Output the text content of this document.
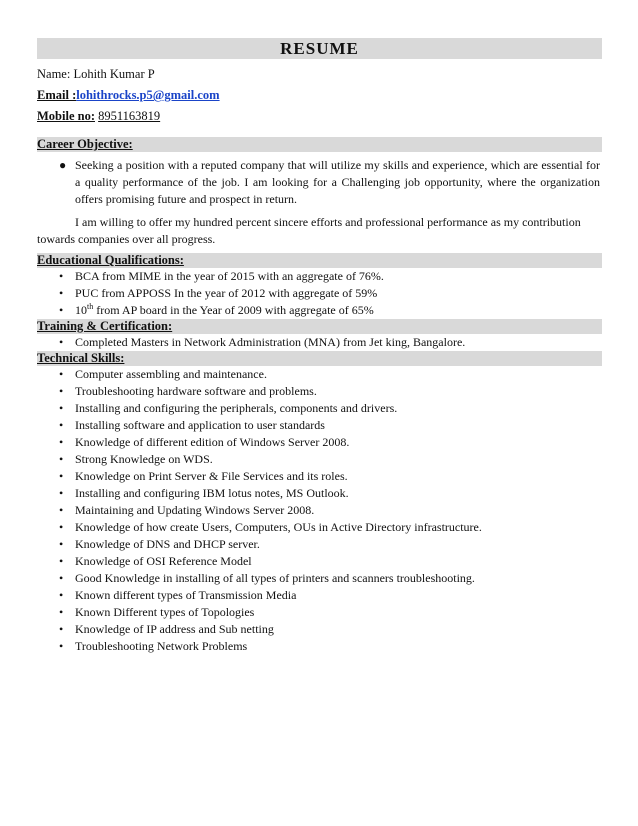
RESUME
Name: Lohith Kumar P
Email :lohithrocks.p5@gmail.com
Mobile no: 8951163819
Career Objective:
● Seeking a position with a reputed company that will utilize my skills and experience, which are essential for a quality performance of the job. I am looking for a Challenging job opportunity, where the organization offers promising future and prospect in return.
I am willing to offer my hundred percent sincere efforts and professional performance as my contribution towards companies over all progress.
Educational Qualifications:
• BCA from MIME in the year of 2015 with an aggregate of 76%.
• PUC from APPOSS In the year of 2012 with aggregate of 59%
• 10th from AP board in the Year of 2009 with aggregate of 65%
Training & Certification:
• Completed Masters in Network Administration (MNA) from Jet king, Bangalore.
Technical Skills:
• Computer assembling and maintenance.
• Troubleshooting hardware software and problems.
• Installing and configuring the peripherals, components and drivers.
• Installing software and application to user standards
• Knowledge of different edition of Windows Server 2008.
• Strong Knowledge on WDS.
• Knowledge on Print Server & File Services and its roles.
• Installing and configuring IBM lotus notes, MS Outlook.
• Maintaining and Updating Windows Server 2008.
• Knowledge of how create Users, Computers, OUs in Active Directory infrastructure.
• Knowledge of DNS and DHCP server.
• Knowledge of OSI Reference Model
• Good Knowledge in installing of all types of printers and scanners troubleshooting.
• Known different types of Transmission Media
• Known Different types of Topologies
• Knowledge of IP address and Sub netting
• Troubleshooting Network Problems
